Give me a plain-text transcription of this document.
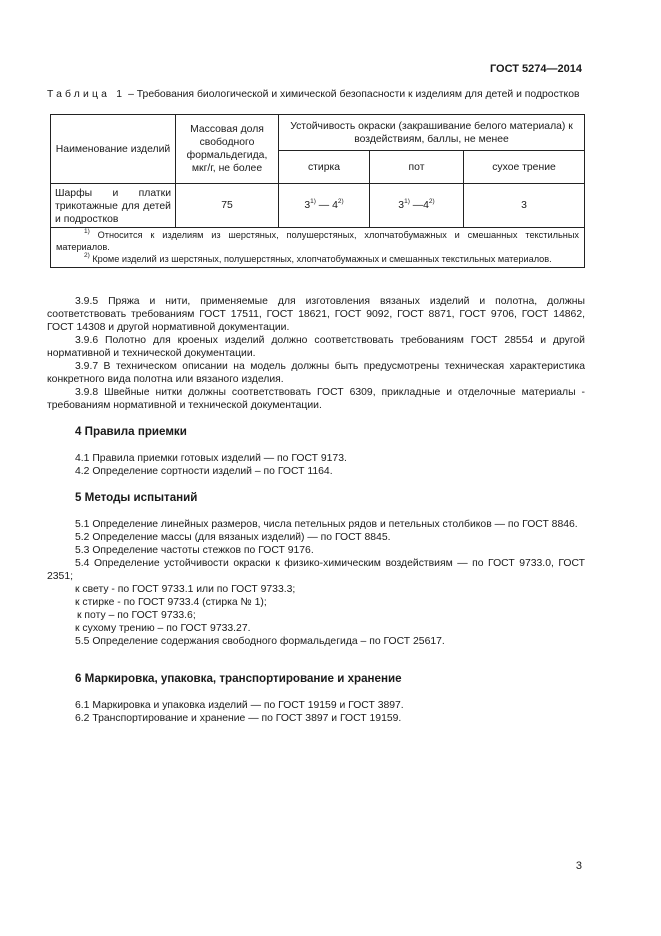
ГОСТ 5274—2014
Таблица 1 – Требования биологической и химической безопасности к изделиям для детей и подростков
Наименование изделий	Массовая доля свободного формальдегида, мкг/г, не более	Устойчивость окраски (закрашивание белого материала) к воздействиям, баллы, не менее		
		стирка	пот	сухое трение
Шарфы и платки трикотажные для детей и подростков	75	3$^{1)}$ — 4$^{2)}$	3$^{1)}$ —4$^{2)}$	3

$^{1)}$ Относится к изделиям из шерстяных, полушерстяных, хлопчатобумажных и смешанных текстильных материалов.
$^{2)}$ Кроме изделий из шерстяных, полушерстяных, хлопчатобумажных и смешанных текстильных материалов.				
3.9.5 Пряжа и нити, применяемые для изготовления вязаных изделий и полотна, должны соответствовать требованиям ГОСТ 17511, ГОСТ 18621, ГОСТ 9092, ГОСТ 8871, ГОСТ 9706, ГОСТ 14862, ГОСТ 14308 и другой нормативной документации.
3.9.6 Полотно для кроеных изделий должно соответствовать требованиям ГОСТ 28554 и другой нормативной и технической документации.
3.9.7 В техническом описании на модель должны быть предусмотрены техническая характеристика конкретного вида полотна или вязаного изделия.
3.9.8 Швейные нитки должны соответствовать ГОСТ 6309, прикладные и отделочные материалы - требованиям нормативной и технической документации.
4 Правила приемки
4.1 Правила приемки готовых изделий — по ГОСТ 9173.
4.2 Определение сортности изделий – по ГОСТ 1164.
5 Методы испытаний
5.1 Определение линейных размеров, числа петельных рядов и петельных столбиков — по ГОСТ 8846.
5.2 Определение массы (для вязаных изделий) — по ГОСТ 8845.
5.3 Определение частоты стежков по ГОСТ 9176.
5.4 Определение устойчивости окраски к физико-химическим воздействиям — по ГОСТ 9733.0, ГОСТ 2351;
к свету - по ГОСТ 9733.1 или по ГОСТ 9733.3;
к стирке - по ГОСТ 9733.4 (стирка № 1);
к поту – по ГОСТ 9733.6;
к сухому трению – по ГОСТ 9733.27.
5.5 Определение содержания свободного формальдегида – по ГОСТ 25617.
6 Маркировка, упаковка, транспортирование и хранение
6.1 Маркировка и упаковка изделий — по ГОСТ 19159 и ГОСТ 3897.
6.2 Транспортирование и хранение — по ГОСТ 3897 и ГОСТ 19159.
3
